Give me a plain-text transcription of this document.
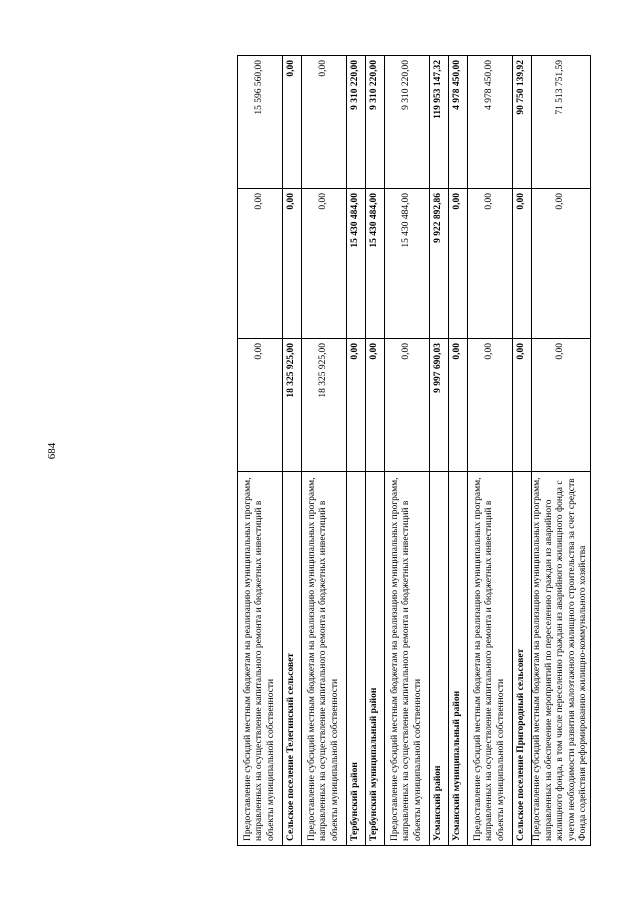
684
Предоставление субсидий местным бюджетам на реализацию муниципальных программ, направленных на осуществление капитального ремонта и бюджетных инвестиций в объекты муниципальной собственности	0,00	0,00	15 596 560,00
Сельское поселение Телегинский сельсовет	18 325 925,00	0,00	0,00
Предоставление субсидий местным бюджетам на реализацию муниципальных программ, направленных на осуществление капитального ремонта и бюджетных инвестиций в объекты муниципальной собственности	18 325 925,00	0,00	0,00
Тербунский район	0,00	15 430 484,00	9 310 220,00
Тербунский муниципальный район	0,00	15 430 484,00	9 310 220,00
Предоставление субсидий местным бюджетам на реализацию муниципальных программ, направленных на осуществление капитального ремонта и бюджетных инвестиций в объекты муниципальной собственности	0,00	15 430 484,00	9 310 220,00
Усманский район	9 997 690,03	9 922 892,86	119 953 147,32
Усманский муниципальный район	0,00	0,00	4 978 450,00
Предоставление субсидий местным бюджетам на реализацию муниципальных программ, направленных на осуществление капитального ремонта и бюджетных инвестиций в объекты муниципальной собственности	0,00	0,00	4 978 450,00
Сельское поселение Пригородный сельсовет	0,00	0,00	90 750 139,92
Предоставление субсидий местным бюджетам на реализацию муниципальных программ, направленных на обеспечение мероприятий по переселению граждан из аварийного жилищного фонда, в том числе переселению граждан из аварийного жилищного фонда с учетом необходимости развития малоэтажного жилищного строительства за счет средств Фонда содействия реформированию жилищно-коммунального хозяйства	0,00	0,00	71 513 751,59
